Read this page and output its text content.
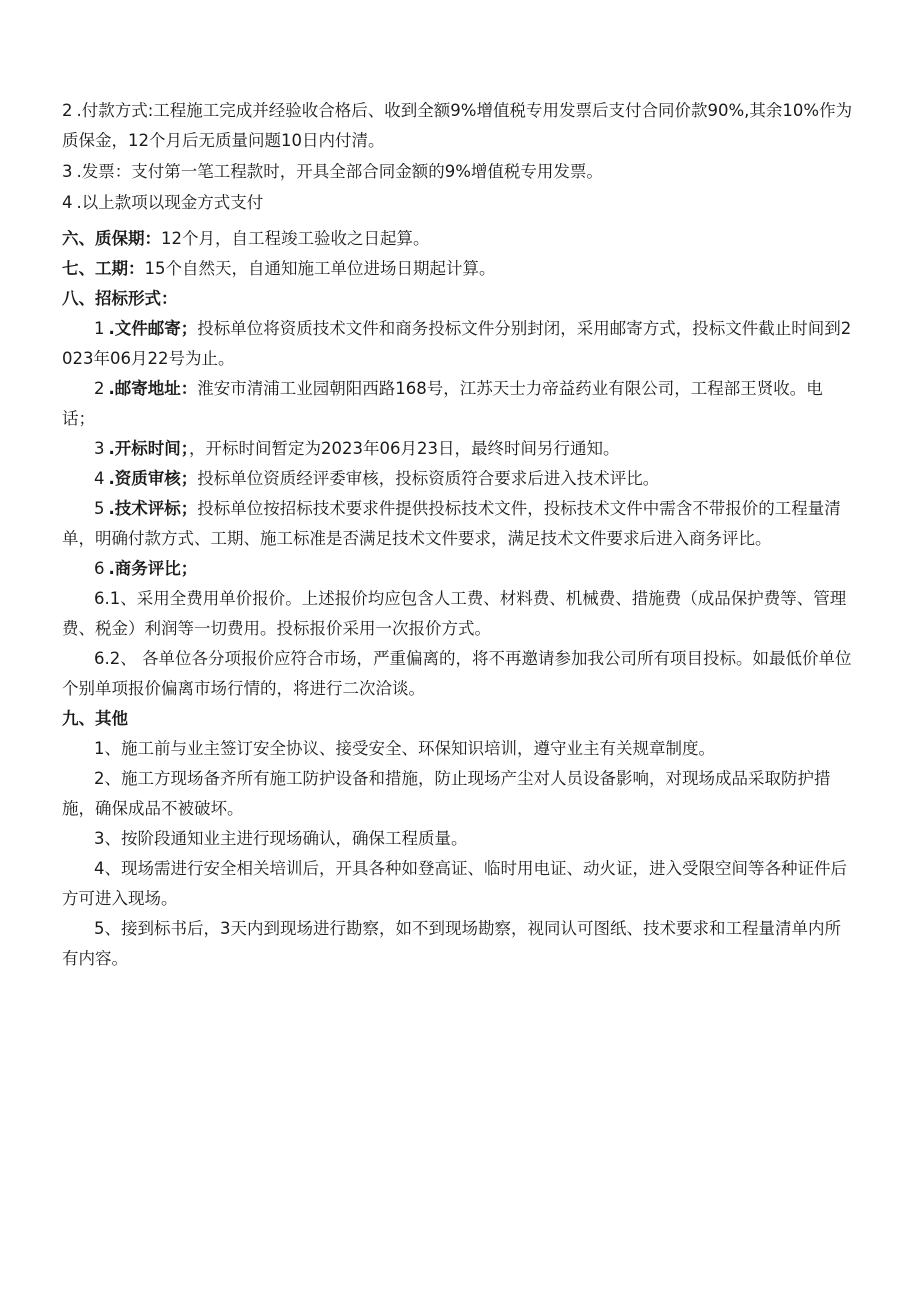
2 .付款方式:工程施工完成并经验收合格后、收到全额9%增值税专用发票后支付合同价款90%,其余10%作为质保金，12个月后无质量问题10日内付清。

3 .发票：支付第一笔工程款时，开具全部合同金额的9%增值税专用发票。

4 .以上款项以现金方式支付

六、质保期：12个月，自工程竣工验收之日起算。

七、工期：15个自然天，自通知施工单位进场日期起计算。

八、招标形式：

1 .文件邮寄；投标单位将资质技术文件和商务投标文件分别封闭，采用邮寄方式，投标文件截止时间到2023年06月22号为止。

2 .邮寄地址：淮安市清浦工业园朝阳西路168号，江苏天士力帝益药业有限公司，工程部王贤收。电话；

3 .开标时间；，开标时间暂定为2023年06月23日，最终时间另行通知。

4 .资质审核；投标单位资质经评委审核，投标资质符合要求后进入技术评比。

5 .技术评标；投标单位按招标技术要求件提供投标技术文件，投标技术文件中需含不带报价的工程量清单，明确付款方式、工期、施工标准是否满足技术文件要求，满足技术文件要求后进入商务评比。

6 .商务评比；

6.1、采用全费用单价报价。上述报价均应包含人工费、材料费、机械费、措施费（成品保护费等、管理费、税金）利润等一切费用。投标报价采用一次报价方式。

6.2、 各单位各分项报价应符合市场，严重偏离的，将不再邀请参加我公司所有项目投标。如最低价单位个别单项报价偏离市场行情的，将进行二次洽谈。

九、其他

1、施工前与业主签订安全协议、接受安全、环保知识培训，遵守业主有关规章制度。

2、施工方现场备齐所有施工防护设备和措施，防止现场产尘对人员设备影响，对现场成品采取防护措施，确保成品不被破坏。

3、按阶段通知业主进行现场确认，确保工程质量。

4、现场需进行安全相关培训后，开具各种如登高证、临时用电证、动火证，进入受限空间等各种证件后方可进入现场。

5、接到标书后，3天内到现场进行勘察，如不到现场勘察，视同认可图纸、技术要求和工程量清单内所有内容。
